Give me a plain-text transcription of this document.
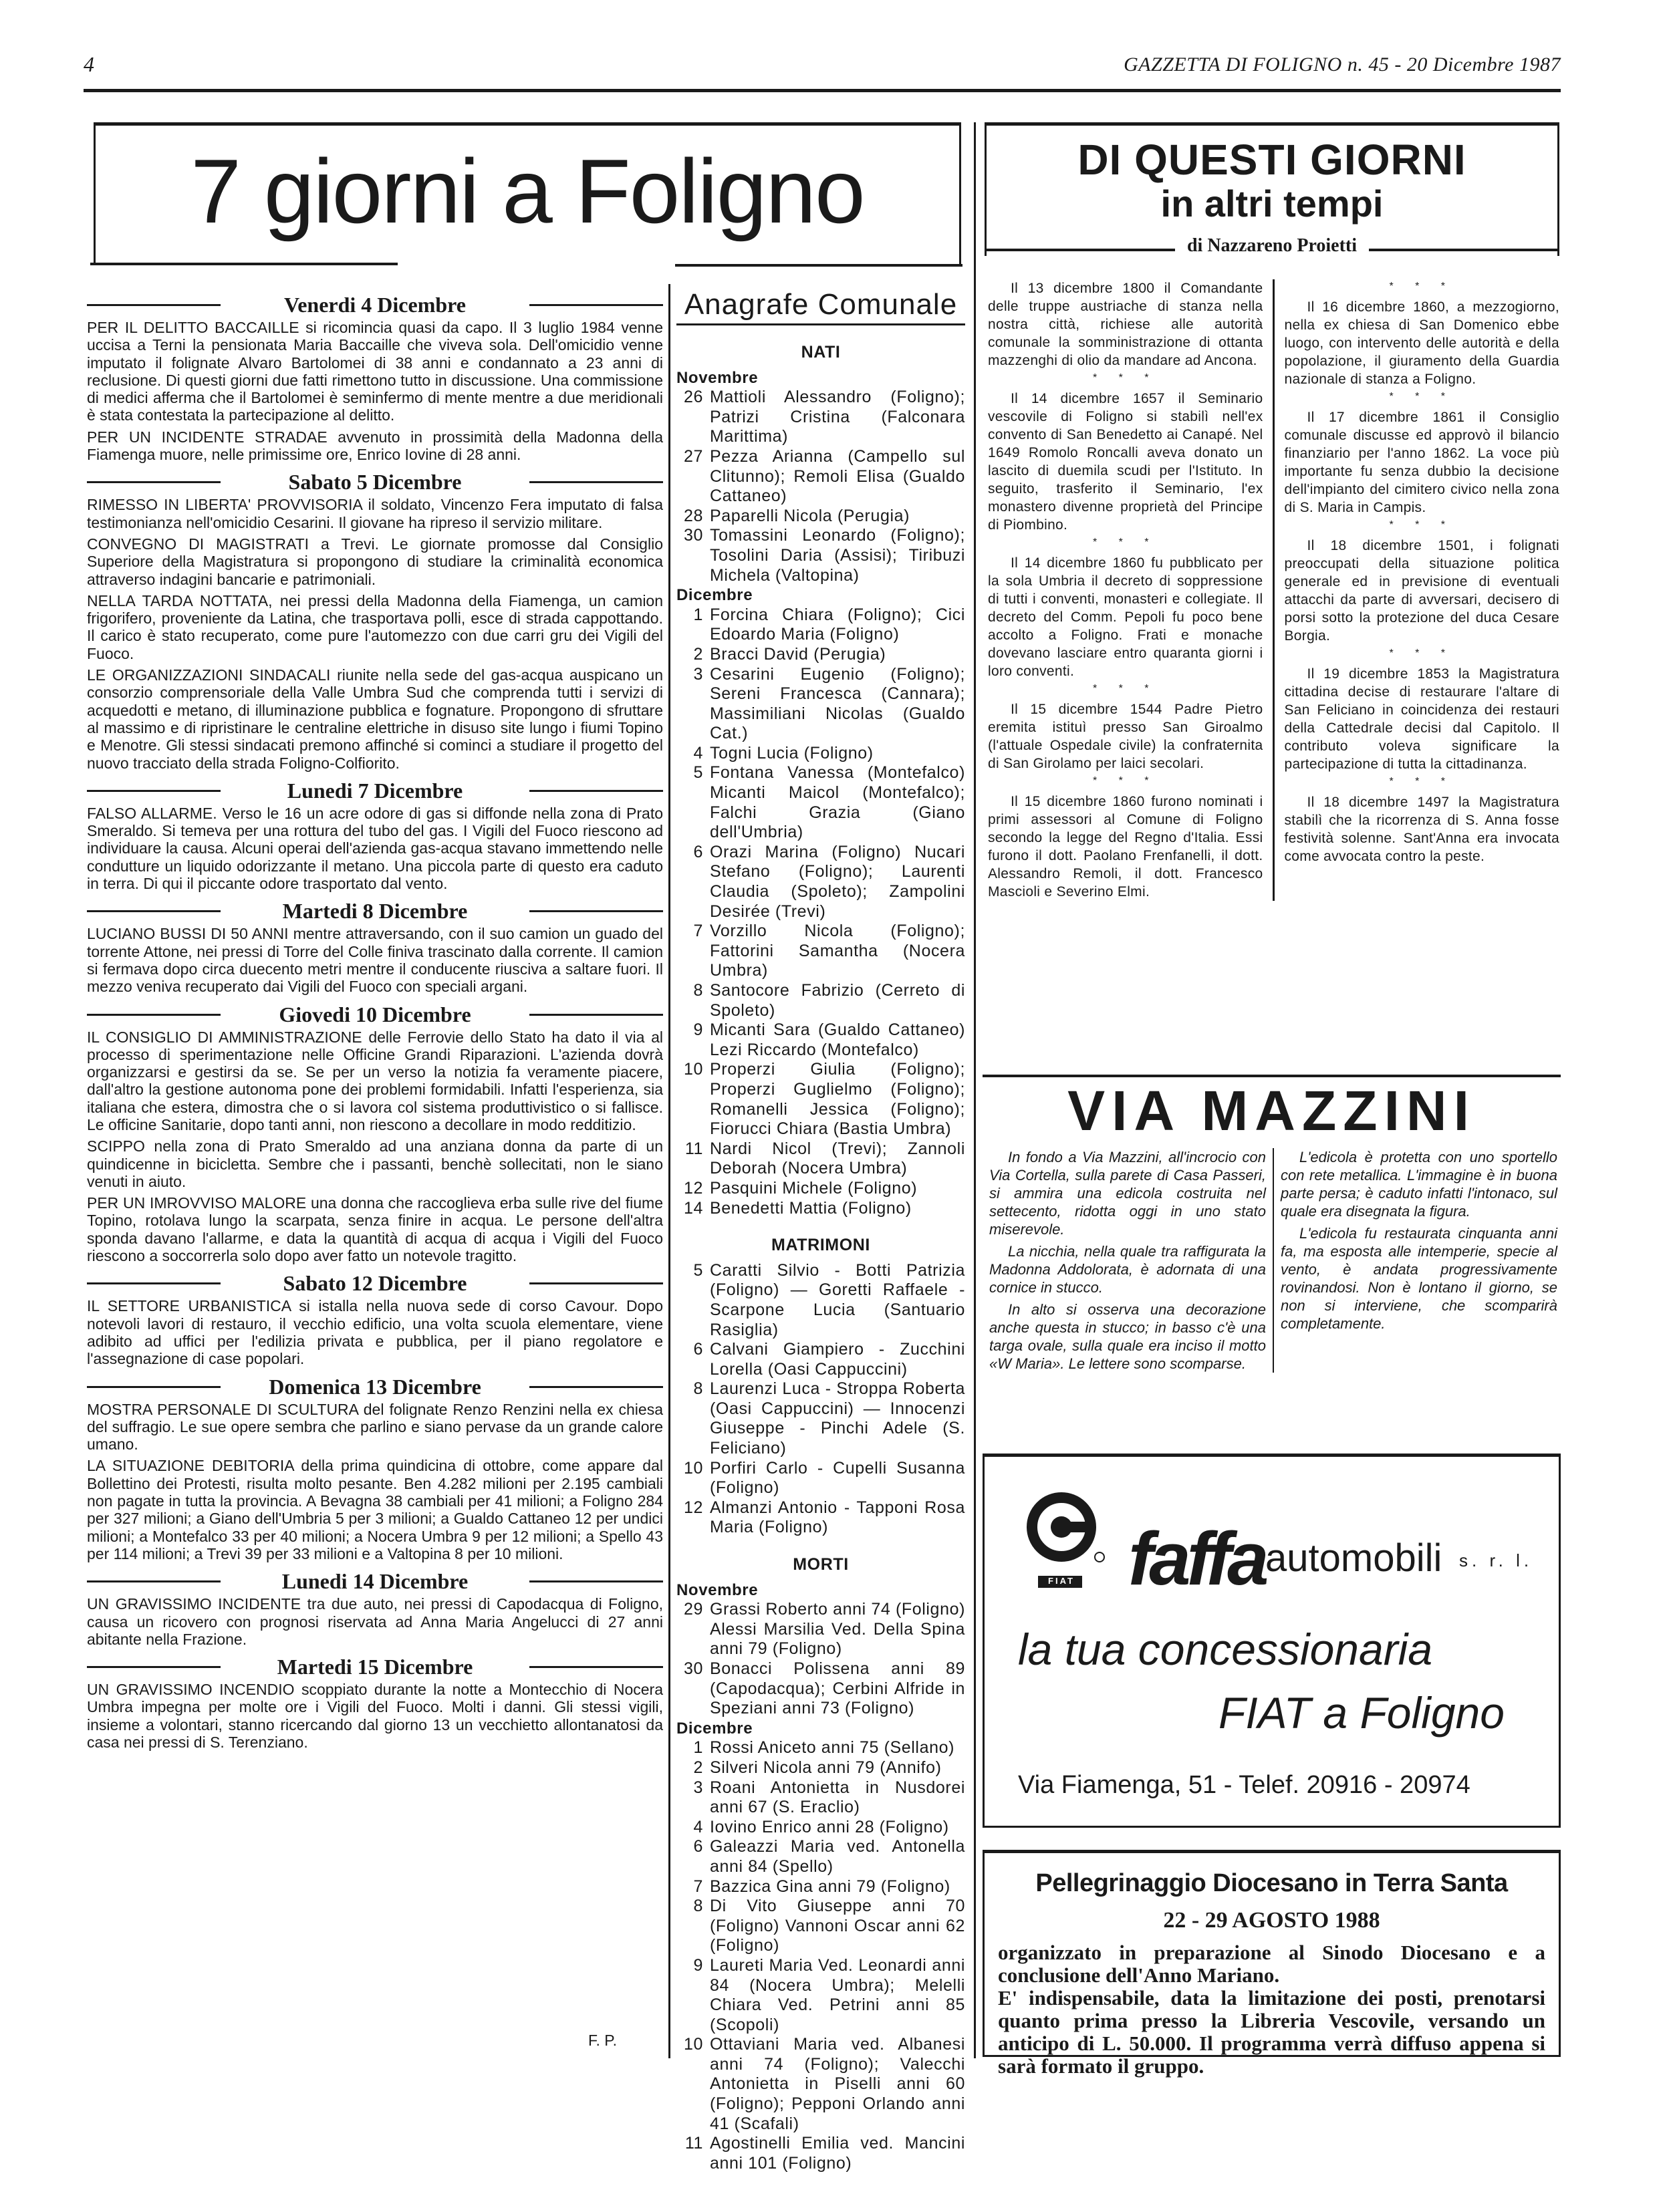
4	GAZZETTA DI FOLIGNO n. 45 - 20 Dicembre 1987
7 giorni a Foligno	DI QUESTI GIORNI
in altri tempi
di Nazzareno Proietti
Venerdi 4 Dicembre

PER IL DELITTO BACCAILLE si ricomincia quasi da capo. Il 3 luglio 1984 venne uccisa a Terni la pensionata Maria Baccaille che viveva sola. Dell'omicidio venne imputato il folignate Alvaro Bartolomei di 38 anni e condannato a 23 anni di reclusione. Di questi giorni due fatti rimettono tutto in discussione. Una commissione di medici afferma che il Bartolomei è seminfermo di mente mentre a due meridionali è stata contestata la partecipazione al delitto.

PER UN INCIDENTE STRADAE avvenuto in prossimità della Madonna della Fiamenga muore, nelle primissime ore, Enrico Iovine di 28 anni.

Sabato 5 Dicembre

RIMESSO IN LIBERTA' PROVVISORIA il soldato, Vincenzo Fera imputato di falsa testimonianza nell'omicidio Cesarini. Il giovane ha ripreso il servizio militare.

CONVEGNO DI MAGISTRATI a Trevi. Le giornate promosse dal Consiglio Superiore della Magistratura si propongono di studiare la criminalità economica attraverso indagini bancarie e patrimoniali.

NELLA TARDA NOTTATA, nei pressi della Madonna della Fiamenga, un camion frigorifero, proveniente da Latina, che trasportava polli, esce di strada cappottando. Il carico è stato recuperato, come pure l'automezzo con due carri gru dei Vigili del Fuoco.

LE ORGANIZZAZIONI SINDACALI riunite nella sede del gas-acqua auspicano un consorzio comprensoriale della Valle Umbra Sud che comprenda tutti i servizi di acquedotti e metano, di illuminazione pubblica e fognature. Propongono di sfruttare al massimo e di ripristinare le centraline elettriche in disuso site lungo i fiumi Topino e Menotre. Gli stessi sindacati premono affinché si cominci a studiare il progetto del nuovo tracciato della strada Foligno-Colfiorito.

Lunedi 7 Dicembre

FALSO ALLARME. Verso le 16 un acre odore di gas si diffonde nella zona di Prato Smeraldo. Si temeva per una rottura del tubo del gas. I Vigili del Fuoco riescono ad individuare la causa. Alcuni operai dell'azienda gas-acqua stavano immettendo nelle condutture un liquido odorizzante il metano. Una piccola parte di questo era caduto in terra. Di qui il piccante odore trasportato dal vento.

Martedi 8 Dicembre

LUCIANO BUSSI DI 50 ANNI mentre attraversando, con il suo camion un guado del torrente Attone, nei pressi di Torre del Colle finiva trascinato dalla corrente. Il camion si fermava dopo circa duecento metri mentre il conducente riusciva a saltare fuori. Il mezzo veniva recuperato dai Vigili del Fuoco con speciali argani.

Giovedi 10 Dicembre

IL CONSIGLIO DI AMMINISTRAZIONE delle Ferrovie dello Stato ha dato il via al processo di sperimentazione nelle Officine Grandi Riparazioni. L'azienda dovrà organizzarsi e gestirsi da se. Se per un verso la notizia fa veramente piacere, dall'altro la gestione autonoma pone dei problemi formidabili. Infatti l'esperienza, sia italiana che estera, dimostra che o si lavora col sistema produttivistico o si fallisce. Le officine Sanitarie, dopo tanti anni, non riescono a decollare in modo redditizio.

SCIPPO nella zona di Prato Smeraldo ad una anziana donna da parte di un quindicenne in bicicletta. Sembre che i passanti, benchè sollecitati, non le siano venuti in aiuto.

PER UN IMROVVISO MALORE una donna che raccoglieva erba sulle rive del fiume Topino, rotolava lungo la scarpata, senza finire in acqua. Le persone dell'altra sponda davano l'allarme, e data la quantità di acqua di acqua i Vigili del Fuoco riescono a soccorrerla solo dopo aver fatto un notevole tragitto.

Sabato 12 Dicembre

IL SETTORE URBANISTICA si istalla nella nuova sede di corso Cavour. Dopo notevoli lavori di restauro, il vecchio edificio, una volta scuola elementare, viene adibito ad uffici per l'edilizia privata e pubblica, per il piano regolatore e l'assegnazione di case popolari.

Domenica 13 Dicembre

MOSTRA PERSONALE DI SCULTURA del folignate Renzo Renzini nella ex chiesa del suffragio. Le sue opere sembra che parlino e siano pervase da un grande calore umano.

LA SITUAZIONE DEBITORIA della prima quindicina di ottobre, come appare dal Bollettino dei Protesti, risulta molto pesante. Ben 4.282 milioni per 2.195 cambiali non pagate in tutta la provincia. A Bevagna 38 cambiali per 41 milioni; a Foligno 284 per 327 milioni; a Giano dell'Umbria 5 per 3 milioni; a Gualdo Cattaneo 12 per undici milioni; a Montefalco 33 per 40 milioni; a Nocera Umbra 9 per 12 milioni; a Spello 43 per 114 milioni; a Trevi 39 per 33 milioni e a Valtopina 8 per 10 milioni.

Lunedi 14 Dicembre

UN GRAVISSIMO INCIDENTE tra due auto, nei pressi di Capodacqua di Foligno, causa un ricovero con prognosi riservata ad Anna Maria Angelucci di 27 anni abitante nella Frazione.

Martedi 15 Dicembre

UN GRAVISSIMO INCENDIO scoppiato durante la notte a Montecchio di Nocera Umbra impegna per molte ore i Vigili del Fuoco. Molti i danni. Gli stessi vigili, insieme a volontari, stanno ricercando dal giorno 13 un vecchietto allontanatosi da casa nei pressi di S. Terenziano.

F. P.
Anagrafe Comunale
NATI
Novembre
26 Mattioli Alessandro (Foligno); Patrizi Cristina (Falconara Marittima)
27 Pezza Arianna (Campello sul Clitunno); Remoli Elisa (Gualdo Cattaneo)
28 Paparelli Nicola (Perugia)
30 Tomassini Leonardo (Foligno); Tosolini Daria (Assisi); Tiribuzi Michela (Valtopina)
Dicembre
1 Forcina Chiara (Foligno); Cici Edoardo Maria (Foligno)
2 Bracci David (Perugia)
3 Cesarini Eugenio (Foligno); Sereni Francesca (Cannara); Massimiliani Nicolas (Gualdo Cat.)
4 Togni Lucia (Foligno)
5 Fontana Vanessa (Montefalco) Micanti Maicol (Montefalco); Falchi Grazia (Giano dell'Umbria)
6 Orazi Marina (Foligno) Nucari Stefano (Foligno); Laurenti Claudia (Spoleto); Zampolini Desirée (Trevi)
7 Vorzillo Nicola (Foligno); Fattorini Samantha (Nocera Umbra)
8 Santocore Fabrizio (Cerreto di Spoleto)
9 Micanti Sara (Gualdo Cattaneo) Lezi Riccardo (Montefalco)
10 Properzi Giulia (Foligno); Properzi Guglielmo (Foligno); Romanelli Jessica (Foligno); Fiorucci Chiara (Bastia Umbra)
11 Nardi Nicol (Trevi); Zannoli Deborah (Nocera Umbra)
12 Pasquini Michele (Foligno)
14 Benedetti Mattia (Foligno)
MATRIMONI
5 Caratti Silvio - Botti Patrizia (Foligno) — Goretti Raffaele - Scarpone Lucia (Santuario Rasiglia)
6 Calvani Giampiero - Zucchini Lorella (Oasi Cappuccini)
8 Laurenzi Luca - Stroppa Roberta (Oasi Cappuccini) — Innocenzi Giuseppe - Pinchi Adele (S. Feliciano)
10 Porfiri Carlo - Cupelli Susanna (Foligno)
12 Almanzi Antonio - Tapponi Rosa Maria (Foligno)
MORTI
Novembre
29 Grassi Roberto anni 74 (Foligno) Alessi Marsilia Ved. Della Spina anni 79 (Foligno)
30 Bonacci Polissena anni 89 (Capodacqua); Cerbini Alfride in Speziani anni 73 (Foligno)
Dicembre
1 Rossi Aniceto anni 75 (Sellano)
2 Silveri Nicola anni 79 (Annifo)
3 Roani Antonietta in Nusdorei anni 67 (S. Eraclio)
4 Iovino Enrico anni 28 (Foligno)
6 Galeazzi Maria ved. Antonella anni 84 (Spello)
7 Bazzica Gina anni 79 (Foligno)
8 Di Vito Giuseppe anni 70 (Foligno) Vannoni Oscar anni 62 (Foligno)
9 Laureti Maria Ved. Leonardi anni 84 (Nocera Umbra); Melelli Chiara Ved. Petrini anni 85 (Scopoli)
10 Ottaviani Maria ved. Albanesi anni 74 (Foligno); Valecchi Antonietta in Piselli anni 60 (Foligno); Pepponi Orlando anni 41 (Scafali)
11 Agostinelli Emilia ved. Mancini anni 101 (Foligno)

Il 13 dicembre 1800 il Comandante delle truppe austriache di stanza nella nostra città, richiese alle autorità comunale la somministrazione di ottanta mazzenghi di olio da mandare ad Ancona.

* * *

Il 14 dicembre 1657 il Seminario vescovile di Foligno si stabilì nell'ex convento di San Benedetto ai Canapé. Nel 1649 Romolo Roncalli aveva donato un lascito di duemila scudi per l'Istituto. In seguito, trasferito il Seminario, l'ex monastero divenne proprietà del Principe di Piombino.

* * *

Il 14 dicembre 1860 fu pubblicato per la sola Umbria il decreto di soppressione di tutti i conventi, monasteri e collegiate. Il decreto del Comm. Pepoli fu poco bene accolto a Foligno. Frati e monache dovevano lasciare entro quaranta giorni i loro conventi.

* * *

Il 15 dicembre 1544 Padre Pietro eremita istituì presso San Giroalmo (l'attuale Ospedale civile) la confraternita di San Girolamo per laici secolari.

* * *

Il 15 dicembre 1860 furono nominati i primi assessori al Comune di Foligno secondo la legge del Regno d'Italia. Essi furono il dott. Paolano Frenfanelli, il dott. Alessandro Remoli, il dott. Francesco Mascioli e Severino Elmi.

* * *

Il 16 dicembre 1860, a mezzogiorno, nella ex chiesa di San Domenico ebbe luogo, con intervento delle autorità e della popolazione, il giuramento della Guardia nazionale di stanza a Foligno.

* * *

Il 17 dicembre 1861 il Consiglio comunale discusse ed approvò il bilancio finanziario per l'anno 1862. La voce più importante fu senza dubbio la decisione dell'impianto del cimitero civico nella zona di S. Maria in Campis.

* * *

Il 18 dicembre 1501, i folignati preoccupati della situazione politica generale ed in previsione di eventuali attacchi da parte di avversari, decisero di porsi sotto la protezione del duca Cesare Borgia.

* * *

Il 19 dicembre 1853 la Magistratura cittadina decise di restaurare l'altare di San Feliciano in coincidenza dei restauri della Cattedrale decisi dal Capitolo. Il contributo voleva significare la partecipazione di tutta la cittadinanza.

* * *

Il 18 dicembre 1497 la Magistratura stabilì che la ricorrenza di S. Anna fosse festività solenne. Sant'Anna era invocata come avvocata contro la peste.

VIA MAZZINI

In fondo a Via Mazzini, all'incrocio con Via Cortella, sulla parete di Casa Passeri, si ammira una edicola costruita nel settecento, ridotta oggi in uno stato miserevole.

La nicchia, nella quale tra raffigurata la Madonna Addolorata, è adornata di una cornice in stucco.

In alto si osserva una decorazione anche questa in stucco; in basso c'è una targa ovale, sulla quale era inciso il motto «W Maria». Le lettere sono scomparse.

L'edicola è protetta con uno sportello con rete metallica. L'immagine è in buona parte persa; è caduto infatti l'intonaco, sul quale era disegnata la figura.

L'edicola fu restaurata cinquanta anni fa, ma esposta alle intemperie, specie al vento, è andata progressivamente rovinandosi. Non è lontano il giorno, se non si interviene, che scomparirà completamente.

FIAT faffa automobili s. r. l.
la tua concessionaria
FIAT a Foligno
Via Fiamenga, 51 - Telef. 20916 - 20974
Pellegrinaggio Diocesano in Terra Santa
22 - 29 AGOSTO 1988

organizzato in preparazione al Sinodo Diocesano e a conclusione dell'Anno Mariano.

E' indispensabile, data la limitazione dei posti, prenotarsi quanto prima presso la Libreria Vescovile, versando un anticipo di L. 50.000. Il programma verrà diffuso appena si sarà formato il gruppo.
